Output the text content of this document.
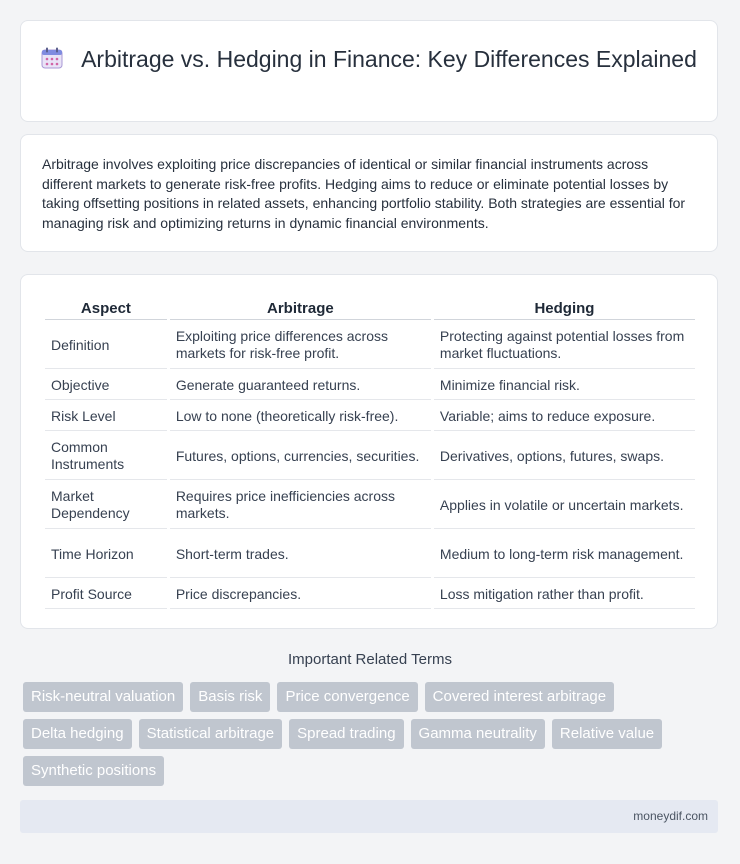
Arbitrage vs. Hedging in Finance: Key Differences Explained
Arbitrage involves exploiting price discrepancies of identical or similar financial instruments across different markets to generate risk-free profits. Hedging aims to reduce or eliminate potential losses by taking offsetting positions in related assets, enhancing portfolio stability. Both strategies are essential for managing risk and optimizing returns in dynamic financial environments.
Aspect	Arbitrage	Hedging
Definition	Exploiting price differences across markets for risk-free profit.	Protecting against potential losses from market fluctuations.
Objective	Generate guaranteed returns.	Minimize financial risk.
Risk Level	Low to none (theoretically risk-free).	Variable; aims to reduce exposure.
Common Instruments	Futures, options, currencies, securities.	Derivatives, options, futures, swaps.
Market Dependency	Requires price inefficiencies across markets.	Applies in volatile or uncertain markets.
Time Horizon	Short-term trades.	Medium to long-term risk management.
Profit Source	Price discrepancies.	Loss mitigation rather than profit.
Important Related Terms
Risk-neutral valuation	Basis risk	Price convergence	Covered interest arbitrage
Delta hedging	Statistical arbitrage	Spread trading	Gamma neutrality	Relative value
Synthetic positions
moneydif.com
